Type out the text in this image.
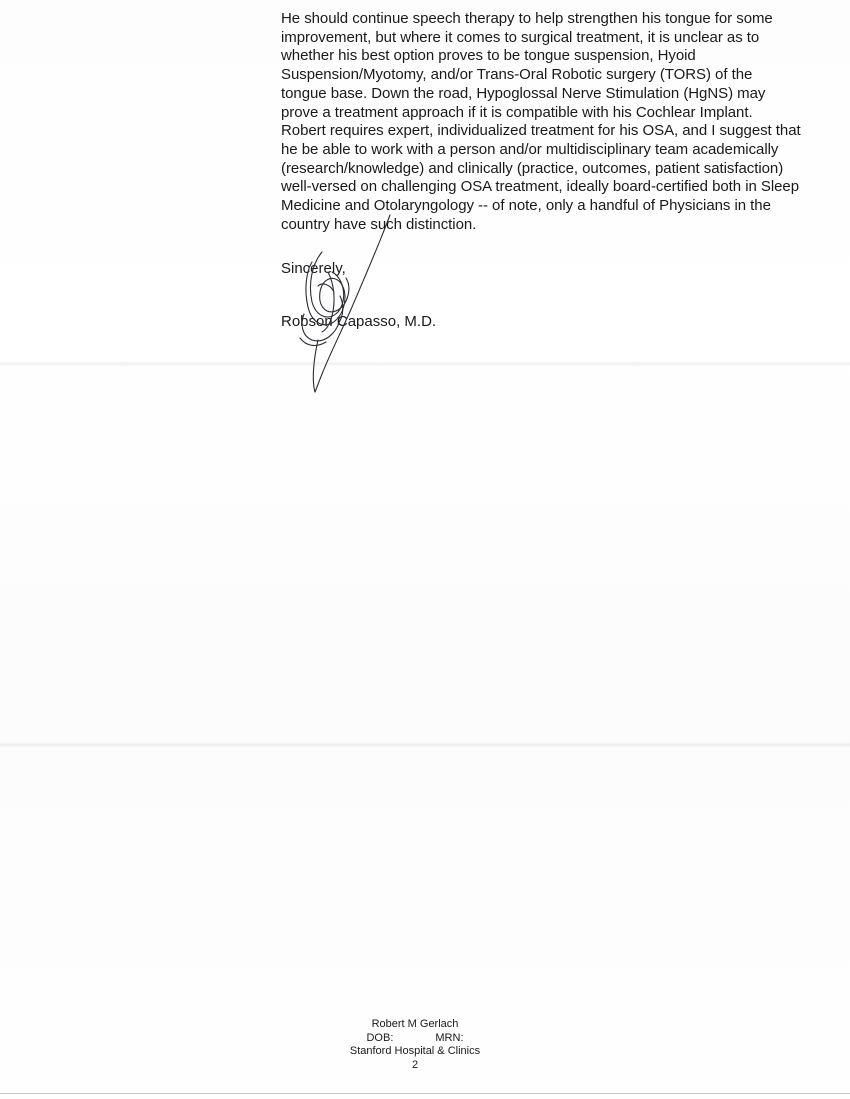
He should continue speech therapy to help strengthen his tongue for some improvement, but where it comes to surgical treatment, it is unclear as to whether his best option proves to be tongue suspension, Hyoid Suspension/Myotomy, and/or Trans-Oral Robotic surgery (TORS) of the tongue base. Down the road, Hypoglossal Nerve Stimulation (HgNS) may prove a treatment approach if it is compatible with his Cochlear Implant. Robert requires expert, individualized treatment for his OSA, and I suggest that he be able to work with a person and/or multidisciplinary team academically (research/knowledge) and clinically (practice, outcomes, patient satisfaction) well-versed on challenging OSA treatment, ideally board-certified both in Sleep Medicine and Otolaryngology -- of note, only a handful of Physicians in the country have such distinction.

Sincerely,

Robson Capasso, M.D.

Robert M Gerlach
DOB:	MRN:
Stanford Hospital & Clinics
2
